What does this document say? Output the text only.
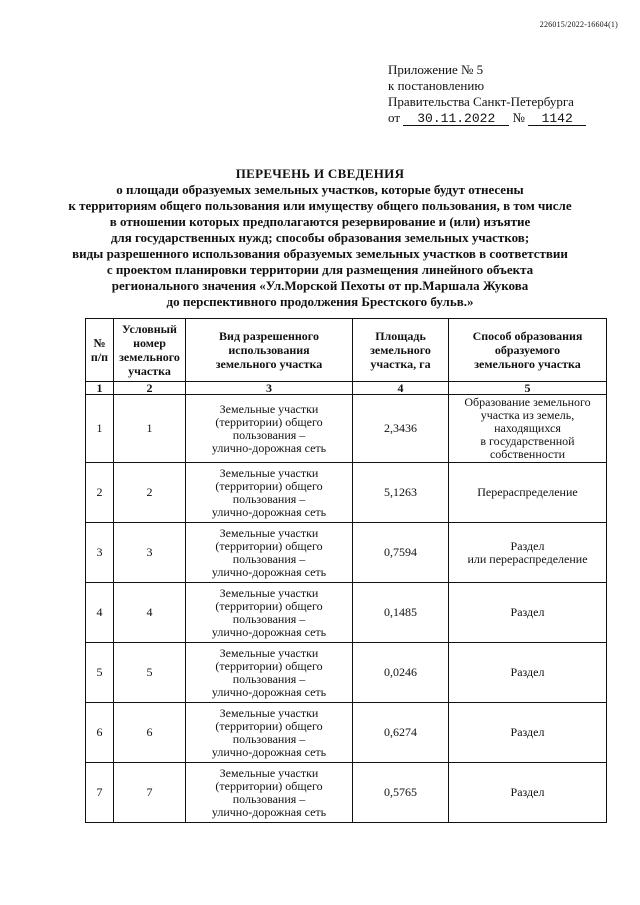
226015/2022-16604(1)
Приложение № 5
к постановлению
Правительства Санкт-Петербурга
от 30.11.2022 № 1142
ПЕРЕЧЕНЬ И СВЕДЕНИЯ
о площади образуемых земельных участков, которые будут отнесены
к территориям общего пользования или имуществу общего пользования, в том числе
в отношении которых предполагаются резервирование и (или) изъятие
для государственных нужд; способы образования земельных участков;
виды разрешенного использования образуемых земельных участков в соответствии
с проектом планировки территории для размещения линейного объекта
регионального значения «Ул.Морской Пехоты от пр.Маршала Жукова
до перспективного продолжения Брестского бульв.»
№
п/п	Условный
номер
земельного
участка	Вид разрешенного
использования
земельного участка	Площадь
земельного
участка, га	Способ образования
образуемого
земельного участка
1	2	3	4	5
1	1	Земельные участки
(территории) общего
пользования –
улично-дорожная сеть	2,3436	Образование земельного
участка из земель,
находящихся
в государственной
собственности
2	2	Земельные участки
(территории) общего
пользования –
улично-дорожная сеть	5,1263	Перераспределение
3	3	Земельные участки
(территории) общего
пользования –
улично-дорожная сеть	0,7594	Раздел
или перераспределение
4	4	Земельные участки
(территории) общего
пользования –
улично-дорожная сеть	0,1485	Раздел
5	5	Земельные участки
(территории) общего
пользования –
улично-дорожная сеть	0,0246	Раздел
6	6	Земельные участки
(территории) общего
пользования –
улично-дорожная сеть	0,6274	Раздел
7	7	Земельные участки
(территории) общего
пользования –
улично-дорожная сеть	0,5765	Раздел
